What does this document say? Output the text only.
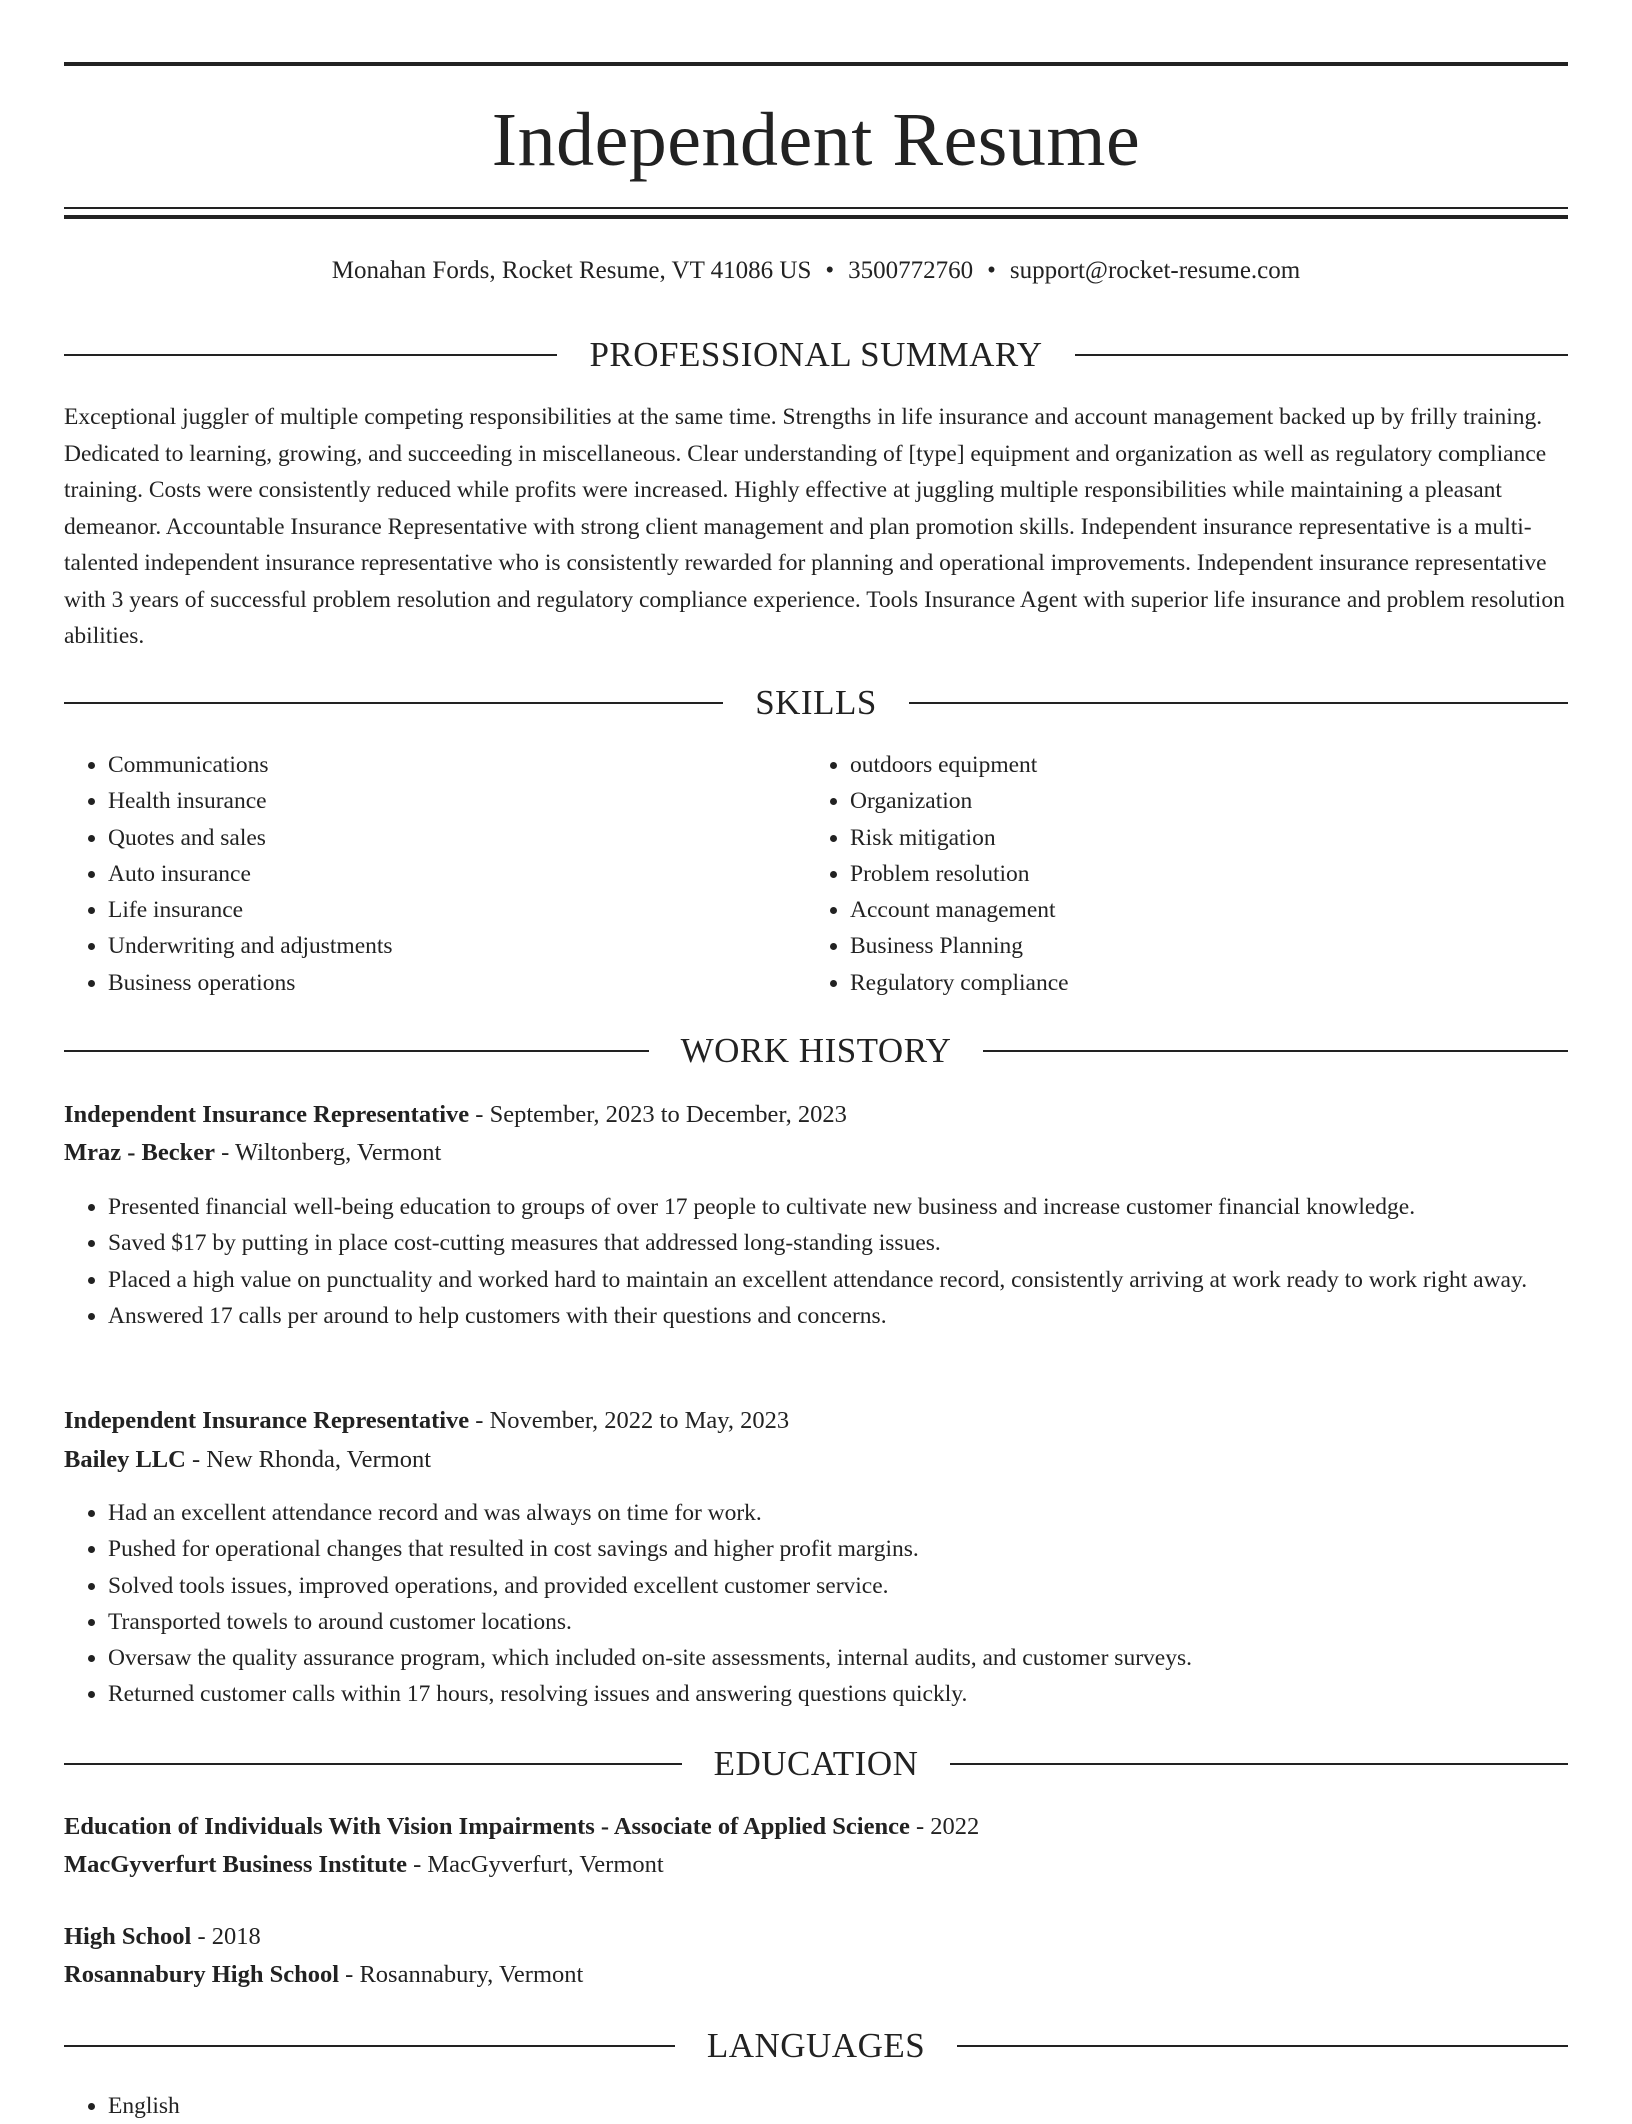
Independent Resume
Monahan Fords, Rocket Resume, VT 41086 US • 3500772760 • support@rocket-resume.com
PROFESSIONAL SUMMARY

Exceptional juggler of multiple competing responsibilities at the same time. Strengths in life insurance and account management backed up by frilly training. Dedicated to learning, growing, and succeeding in miscellaneous. Clear understanding of [type] equipment and organization as well as regulatory compliance training. Costs were consistently reduced while profits were increased. Highly effective at juggling multiple responsibilities while maintaining a pleasant demeanor. Accountable Insurance Representative with strong client management and plan promotion skills. Independent insurance representative is a multi-talented independent insurance representative who is consistently rewarded for planning and operational improvements. Independent insurance representative with 3 years of successful problem resolution and regulatory compliance experience. Tools Insurance Agent with superior life insurance and problem resolution abilities.

SKILLS
• Communications
• Health insurance
• Quotes and sales
• Auto insurance
• Life insurance
• Underwriting and adjustments
• Business operations
• outdoors equipment
• Organization
• Risk mitigation
• Problem resolution
• Account management
• Business Planning
• Regulatory compliance
WORK HISTORY
Independent Insurance Representative - September, 2023 to December, 2023
Mraz - Becker - Wiltonberg, Vermont
• Presented financial well-being education to groups of over 17 people to cultivate new business and increase customer financial knowledge.
• Saved $17 by putting in place cost-cutting measures that addressed long-standing issues.
• Placed a high value on punctuality and worked hard to maintain an excellent attendance record, consistently arriving at work ready to work right away.
• Answered 17 calls per around to help customers with their questions and concerns.
Independent Insurance Representative - November, 2022 to May, 2023
Bailey LLC - New Rhonda, Vermont
• Had an excellent attendance record and was always on time for work.
• Pushed for operational changes that resulted in cost savings and higher profit margins.
• Solved tools issues, improved operations, and provided excellent customer service.
• Transported towels to around customer locations.
• Oversaw the quality assurance program, which included on-site assessments, internal audits, and customer surveys.
• Returned customer calls within 17 hours, resolving issues and answering questions quickly.
EDUCATION
Education of Individuals With Vision Impairments - Associate of Applied Science - 2022
MacGyverfurt Business Institute - MacGyverfurt, Vermont
High School - 2018
Rosannabury High School - Rosannabury, Vermont
LANGUAGES
• English
